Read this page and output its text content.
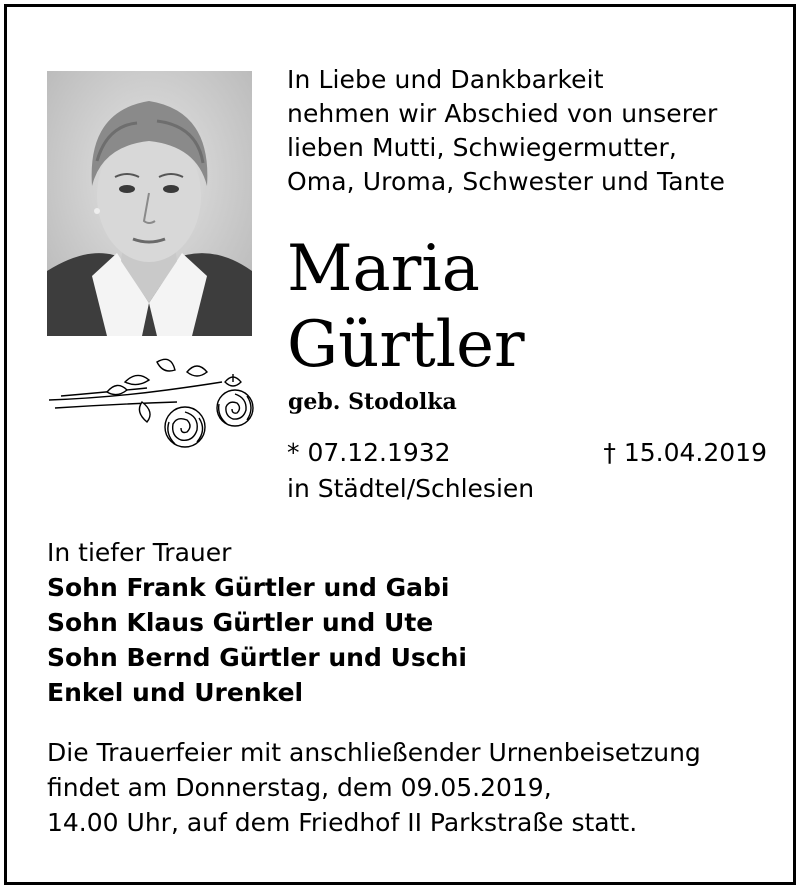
In Liebe und Dankbarkeit
nehmen wir Abschied von unserer
lieben Mutti, Schwiegermutter,
Oma, Uroma, Schwester und Tante
Maria
Gürtler
geb. Stodolka
* 07.12.1932	† 15.04.2019
in Städtel/Schlesien
In tiefer Trauer
Sohn Frank Gürtler und Gabi
Sohn Klaus Gürtler und Ute
Sohn Bernd Gürtler und Uschi
Enkel und Urenkel
Die Trauerfeier mit anschließender Urnenbeisetzung
findet am Donnerstag, dem 09.05.2019,
14.00 Uhr, auf dem Friedhof II Parkstraße statt.
